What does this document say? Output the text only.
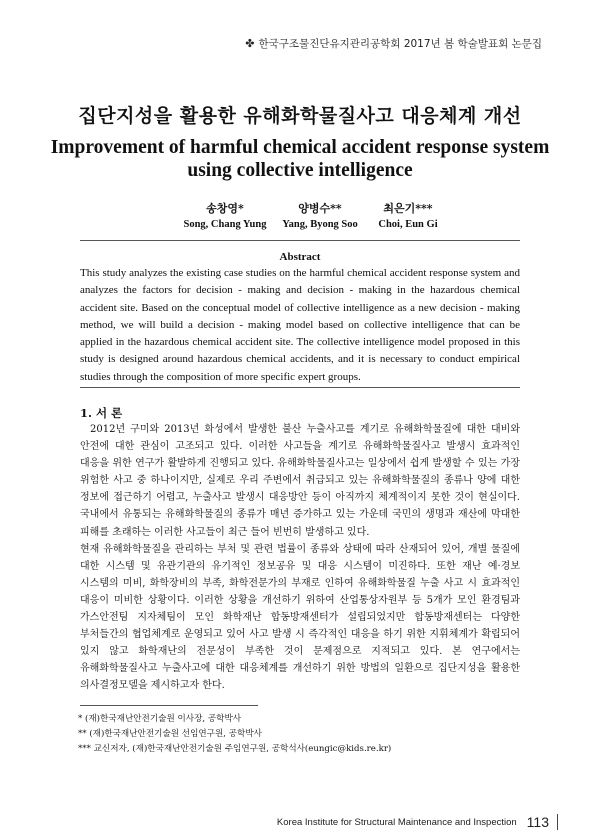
✤ 한국구조물진단유지관리공학회 2017년 봄 학술발표회 논문집
집단지성을 활용한 유해화학물질사고 대응체계 개선
Improvement of harmful chemical accident response system
using collective intelligence
송창영*
Song, Chang Yung
양병수**
Yang, Byong Soo
최은기***
Choi, Eun Gi
Abstract
This study analyzes the existing case studies on the harmful chemical accident response system and analyzes the factors for decision - making and decision - making in the hazardous chemical accident site. Based on the conceptual model of collective intelligence as a new decision - making method, we will build a decision - making model based on collective intelligence that can be applied in the hazardous chemical accident site. The collective intelligence model proposed in this study is designed around hazardous chemical accidents, and it is necessary to conduct empirical studies through the composition of more specific expert groups.
1. 서 론

2012년 구미와 2013년 화성에서 발생한 불산 누출사고를 계기로 유해화학물질에 대한 대비와 안전에 대한 관심이 고조되고 있다. 이러한 사고들을 계기로 유해화학물질사고 발생시 효과적인 대응을 위한 연구가 활발하게 진행되고 있다. 유해화학물질사고는 일상에서 쉽게 발생할 수 있는 가장 위험한 사고 중 하나이지만, 실제로 우리 주변에서 취급되고 있는 유해화학물질의 종류나 양에 대한 정보에 접근하기 어렵고, 누출사고 발생시 대응방안 등이 아직까지 체계적이지 못한 것이 현실이다. 국내에서 유통되는 유해화학물질의 종류가 매년 증가하고 있는 가운데 국민의 생명과 재산에 막대한 피해를 초래하는 이러한 사고들이 최근 들어 빈번히 발생하고 있다.

현재 유해화학물질을 관리하는 부처 및 관련 법률이 종류와 상태에 따라 산재되어 있어, 개별 물질에 대한 시스템 및 유관기관의 유기적인 정보공유 및 대응 시스템이 미진하다. 또한 재난 예·경보 시스템의 미비, 화학장비의 부족, 화학전문가의 부재로 인하여 유해화학물질 누출 사고 시 효과적인 대응이 미비한 상황이다. 이러한 상황을 개선하기 위하여 산업통상자원부 등 5개가 모인 환경팀과 가스안전팀 지자체팀이 모인 화학재난 합동방재센터가 설립되었지만 합동방재센터는 다양한 부처들간의 협업체계로 운영되고 있어 사고 발생 시 즉각적인 대응을 하기 위한 지휘체계가 확립되어 있지 않고 화학재난의 전문성이 부족한 것이 문제점으로 지적되고 있다. 본 연구에서는 유해화학물질사고 누출사고에 대한 대응체계를 개선하기 위한 방법의 일환으로 집단지성을 활용한 의사결정모델을 제시하고자 한다.

* (재)한국재난안전기술원 이사장, 공학박사
** (재)한국재난안전기술원 선임연구원, 공학박사
*** 교신저자, (재)한국재난안전기술원 주임연구원, 공학석사(eungic@kids.re.kr)
Korea Institute for Structural Maintenance and Inspection 113
